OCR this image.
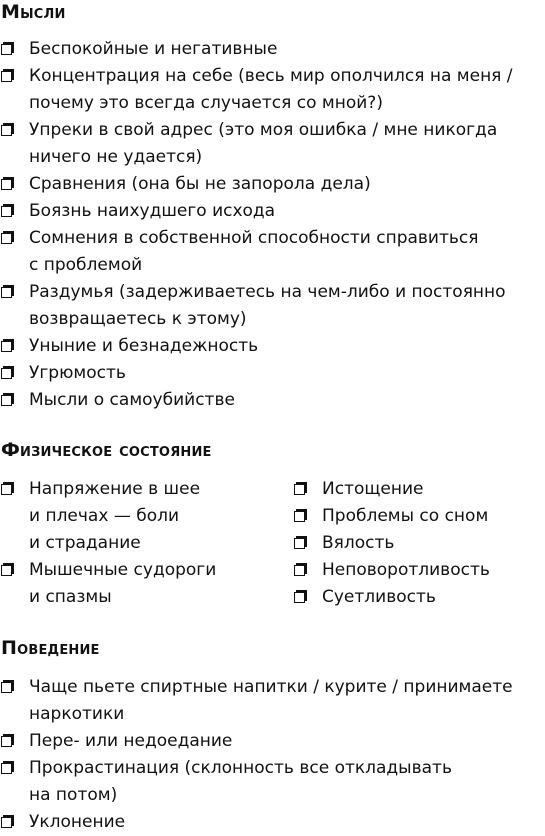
Мысли
Беспокойные и негативные
Концентрация на себе (весь мир ополчился на меня /
почему это всегда случается со мной?)
Упреки в свой адрес (это моя ошибка / мне никогда
ничего не удается)
Сравнения (она бы не запорола дела)
Боязнь наихудшего исхода
Сомнения в собственной способности справиться
с проблемой
Раздумья (задерживаетесь на чем-либо и постоянно
возвращаетесь к этому)
Уныние и безнадежность
Угрюмость
Мысли о самоубийстве
Физическое состояние
Напряжение в шее
и плечах — боли
и страдание
Мышечные судороги
и спазмы
Истощение
Проблемы со сном
Вялость
Неповоротливость
Суетливость
Поведение
Чаще пьете спиртные напитки / курите / принимаете
наркотики
Пере- или недоедание
Прокрастинация (склонность все откладывать
на потом)
Уклонение
